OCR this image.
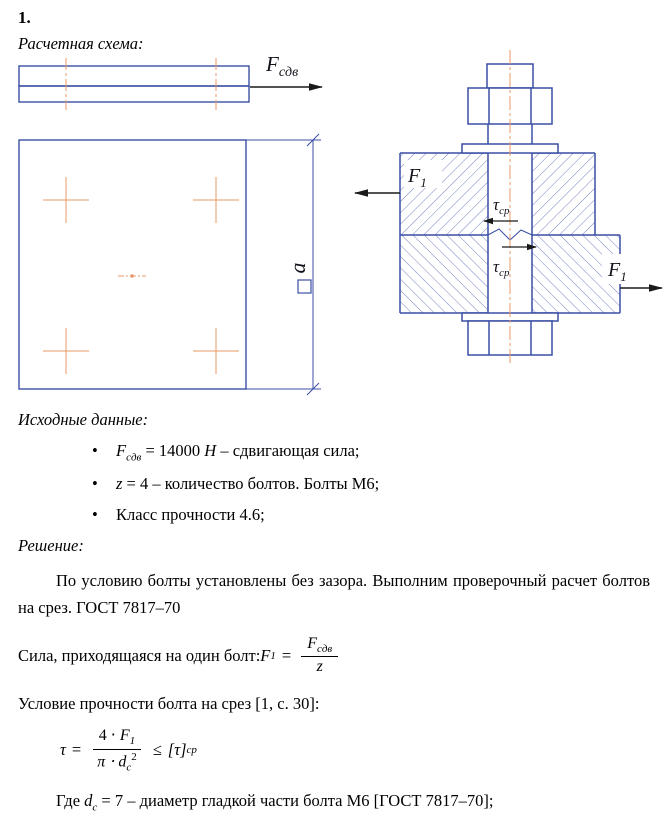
1.
Расчетная схема:
$F_{сдв}$
a
$F_1$
$F_1$
$\tau_{ср}$
$\tau_{ср}$
Исходные данные:
• $F_{сдв} = 14000$ Н – сдвигающая сила;
• z = 4 – количество болтов. Болты М6;
• Класс прочности 4.6;
Решение:

По условию болты установлены без зазора. Выполним проверочный расчет болтов на срез. ГОСТ 7817–70

Сила, приходящаяся на один болт: F $1 = \frac{F_{сдв}}{z}$

Условие прочности болта на срез [1, с. 30]:

$\tau = \frac{4 \cdot F_1}{\pi \cdot d_c^2} \le [\tau]$ ср

Где $d_c = 7$ – диаметр гладкой части болта М6 [ГОСТ 7817–70];
